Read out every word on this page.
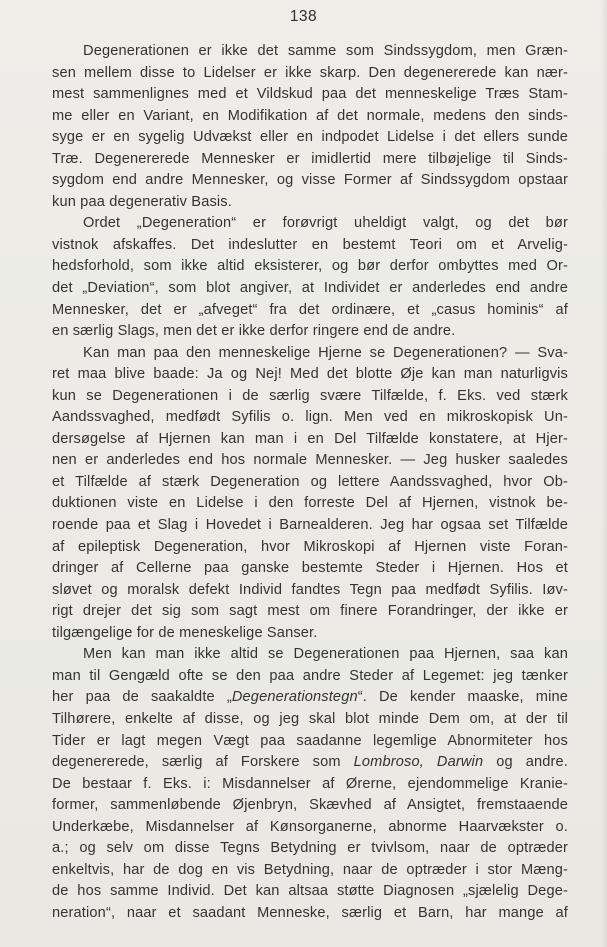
138

Degenerationen er ikke det samme som Sindssygdom, men Græn-
sen mellem disse to Lidelser er ikke skarp. Den degenererede kan nær-
mest sammenlignes med et Vildskud paa det menneskelige Træs Stam-
me eller en Variant, en Modifikation af det normale, medens den sinds-
syge er en sygelig Udvækst eller en indpodet Lidelse i det ellers sunde
Træ. Degenererede Mennesker er imidlertid mere tilbøjelige til Sinds-
sygdom end andre Mennesker, og visse Former af Sindssygdom opstaar
kun paa degenerativ Basis.

Ordet „Degeneration“ er forøvrigt uheldigt valgt, og det bør
vistnok afskaffes. Det indeslutter en bestemt Teori om et Arvelig-
hedsforhold, som ikke altid eksisterer, og bør derfor ombyttes med Or-
det „Deviation“, som blot angiver, at Individet er anderledes end andre
Mennesker, det er „afveget“ fra det ordinære, et „casus hominis“ af
en særlig Slags, men det er ikke derfor ringere end de andre.

Kan man paa den menneskelige Hjerne se Degenerationen? — Sva-
ret maa blive baade: Ja og Nej! Med det blotte Øje kan man naturligvis
kun se Degenerationen i de særlig svære Tilfælde, f. Eks. ved stærk
Aandssvaghed, medfødt Syfilis o. lign. Men ved en mikroskopisk Un-
dersøgelse af Hjernen kan man i en Del Tilfælde konstatere, at Hjer-
nen er anderledes end hos normale Mennesker. — Jeg husker saaledes
et Tilfælde af stærk Degeneration og lettere Aandssvaghed, hvor Ob-
duktionen viste en Lidelse i den forreste Del af Hjernen, vistnok be-
roende paa et Slag i Hovedet i Barnealderen. Jeg har ogsaa set Tilfælde
af epileptisk Degeneration, hvor Mikroskopi af Hjernen viste Foran-
dringer af Cellerne paa ganske bestemte Steder i Hjernen. Hos et
sløvet og moralsk defekt Individ fandtes Tegn paa medfødt Syfilis. Iøv-
rigt drejer det sig som sagt mest om finere Forandringer, der ikke er
tilgængelige for de meneskelige Sanser.

Men kan man ikke altid se Degenerationen paa Hjernen, saa kan
man til Gengæld ofte se den paa andre Steder af Legemet: jeg tænker
her paa de saakaldte „Degenerationstegn“. De kender maaske, mine
Tilhørere, enkelte af disse, og jeg skal blot minde Dem om, at der til
Tider er lagt megen Vægt paa saadanne legemlige Abnormiteter hos
degenererede, særlig af Forskere som Lombroso, Darwin og andre.
De bestaar f. Eks. i: Misdannelser af Ørerne, ejendommelige Kranie-
former, sammenløbende Øjenbryn, Skævhed af Ansigtet, fremstaaende
Underkæbe, Misdannelser af Kønsorganerne, abnorme Haarvækster o.
a.; og selv om disse Tegns Betydning er tvivlsom, naar de optræder
enkeltvis, har de dog en vis Betydning, naar de optræder i stor Mæng-
de hos samme Individ. Det kan altsaa støtte Diagnosen „sjælelig Dege-
neration“, naar et saadant Menneske, særlig et Barn, har mange af
